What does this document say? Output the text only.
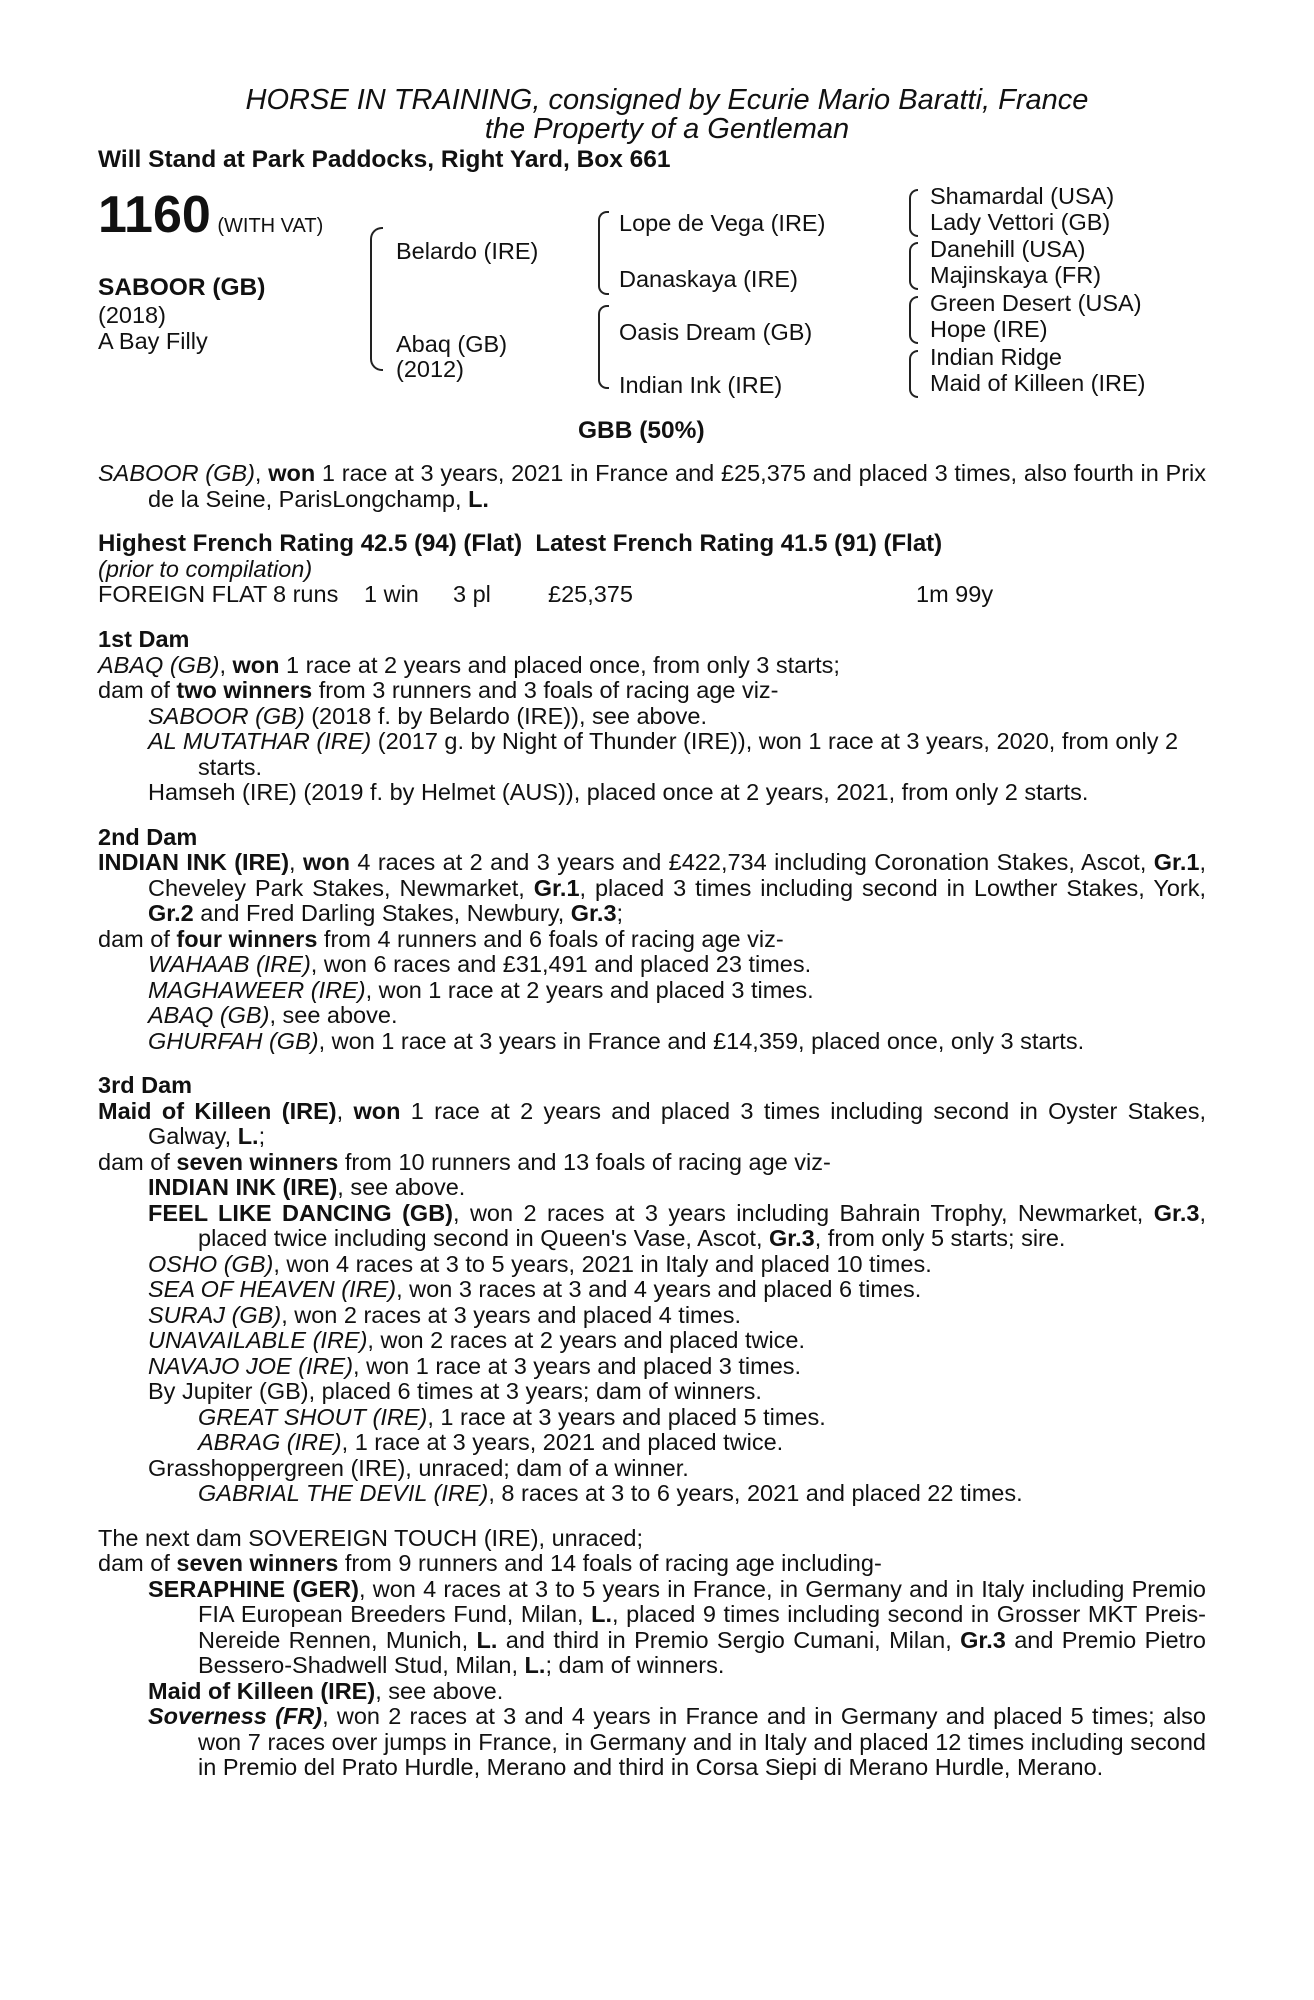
HORSE IN TRAINING, consigned by Ecurie Mario Baratti, France
the Property of a Gentleman
Will Stand at Park Paddocks, Right Yard, Box 661
1160 (WITH VAT)
SABOOR (GB)
(2018)
A Bay Filly
Belardo (IRE)
Abaq (GB)
(2012)
Lope de Vega (IRE)
Danaskaya (IRE)
Oasis Dream (GB)
Indian Ink (IRE)
Shamardal (USA)
Lady Vettori (GB)
Danehill (USA)
Majinskaya (FR)
Green Desert (USA)
Hope (IRE)
Indian Ridge
Maid of Killeen (IRE)
GBB (50%)

SABOOR (GB), won 1 race at 3 years, 2021 in France and £25,375 and placed 3 times, also fourth in Prix de la Seine, ParisLongchamp, L.

Highest French Rating 42.5 (94) (Flat) Latest French Rating 41.5 (91) (Flat)
(prior to compilation)
FOREIGN FLAT 8 runs 1 win 3 pl £25,375	1m 99y
1st Dam

ABAQ (GB), won 1 race at 2 years and placed once, from only 3 starts;

dam of two winners from 3 runners and 3 foals of racing age viz-

SABOOR (GB) (2018 f. by Belardo (IRE)), see above.

AL MUTATHAR (IRE) (2017 g. by Night of Thunder (IRE)), won 1 race at 3 years, 2020, from only 2 starts.

Hamseh (IRE) (2019 f. by Helmet (AUS)), placed once at 2 years, 2021, from only 2 starts.

2nd Dam

INDIAN INK (IRE), won 4 races at 2 and 3 years and £422,734 including Coronation Stakes, Ascot, Gr.1, Cheveley Park Stakes, Newmarket, Gr.1, placed 3 times including second in Lowther Stakes, York, Gr.2 and Fred Darling Stakes, Newbury, Gr.3;

dam of four winners from 4 runners and 6 foals of racing age viz-

WAHAAB (IRE), won 6 races and £31,491 and placed 23 times.

MAGHAWEER (IRE), won 1 race at 2 years and placed 3 times.

ABAQ (GB), see above.

GHURFAH (GB), won 1 race at 3 years in France and £14,359, placed once, only 3 starts.

3rd Dam

Maid of Killeen (IRE), won 1 race at 2 years and placed 3 times including second in Oyster Stakes, Galway, L.;

dam of seven winners from 10 runners and 13 foals of racing age viz-

INDIAN INK (IRE), see above.

FEEL LIKE DANCING (GB), won 2 races at 3 years including Bahrain Trophy, Newmarket, Gr.3, placed twice including second in Queen's Vase, Ascot, Gr.3, from only 5 starts; sire.

OSHO (GB), won 4 races at 3 to 5 years, 2021 in Italy and placed 10 times.

SEA OF HEAVEN (IRE), won 3 races at 3 and 4 years and placed 6 times.

SURAJ (GB), won 2 races at 3 years and placed 4 times.

UNAVAILABLE (IRE), won 2 races at 2 years and placed twice.

NAVAJO JOE (IRE), won 1 race at 3 years and placed 3 times.

By Jupiter (GB), placed 6 times at 3 years; dam of winners.

GREAT SHOUT (IRE), 1 race at 3 years and placed 5 times.

ABRAG (IRE), 1 race at 3 years, 2021 and placed twice.

Grasshoppergreen (IRE), unraced; dam of a winner.

GABRIAL THE DEVIL (IRE), 8 races at 3 to 6 years, 2021 and placed 22 times.

The next dam SOVEREIGN TOUCH (IRE), unraced;

dam of seven winners from 9 runners and 14 foals of racing age including-

SERAPHINE (GER), won 4 races at 3 to 5 years in France, in Germany and in Italy including Premio FIA European Breeders Fund, Milan, L., placed 9 times including second in Grosser MKT Preis-Nereide Rennen, Munich, L. and third in Premio Sergio Cumani, Milan, Gr.3 and Premio Pietro Bessero-Shadwell Stud, Milan, L.; dam of winners.

Maid of Killeen (IRE), see above.

Soverness (FR), won 2 races at 3 and 4 years in France and in Germany and placed 5 times; also won 7 races over jumps in France, in Germany and in Italy and placed 12 times including second in Premio del Prato Hurdle, Merano and third in Corsa Siepi di Merano Hurdle, Merano.
